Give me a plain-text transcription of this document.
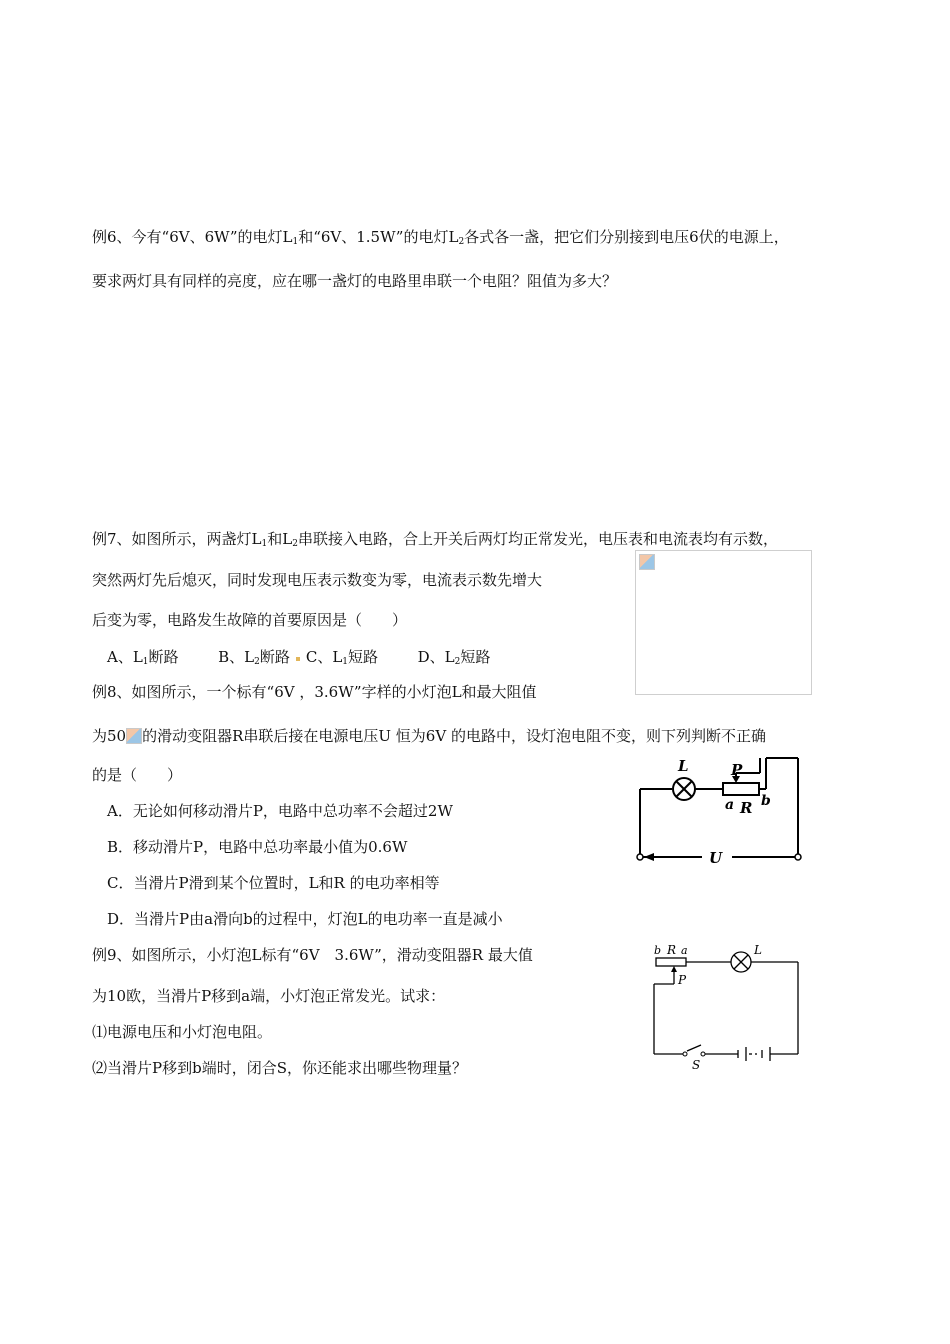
例6、今有“6V、6W”的电灯$L_1$和“6V、1.5W”的电灯$L_2$各式各一盏，把它们分别接到电压6伏的电源上，
要求两灯具有同样的亮度，应在哪一盏灯的电路里串联一个电阻？阻值为多大？
例7、如图所示，两盏灯$L_1$和$L_2$串联接入电路，合上开关后两灯均正常发光，电压表和电流表均有示数，
突然两灯先后熄灭，同时发现电压表示数变为零，电流表示数先增大
后变为零，电路发生故障的首要原因是（　　）
A、$L_1$断路	B、$L_2$断路 C、$L_1$短路	D、$L_2$短路
例8、如图所示，一个标有“6V ，3.6W”字样的小灯泡L和最大阻值
为50 的滑动变阻器R串联后接在电源电压U 恒为6V 的电路中，设灯泡电阻不变，则下列判断不正确
的是（　　）
A．无论如何移动滑片P，电路中总功率不会超过2W
B．移动滑片P，电路中总功率最小值为0.6W
C．当滑片P滑到某个位置时，L和R 的电功率相等
D．当滑片P由a滑向b的过程中，灯泡L的电功率一直是减小
L	P
a R b
U
例9、如图所示，小灯泡L标有“6V　3.6W”，滑动变阻器R 最大值
为10欧，当滑片P移到a端，小灯泡正常发光。试求：
⑴电源电压和小灯泡电阻。
⑵当滑片P移到b端时，闭合S，你还能求出哪些物理量？
b R a	L
P
S
